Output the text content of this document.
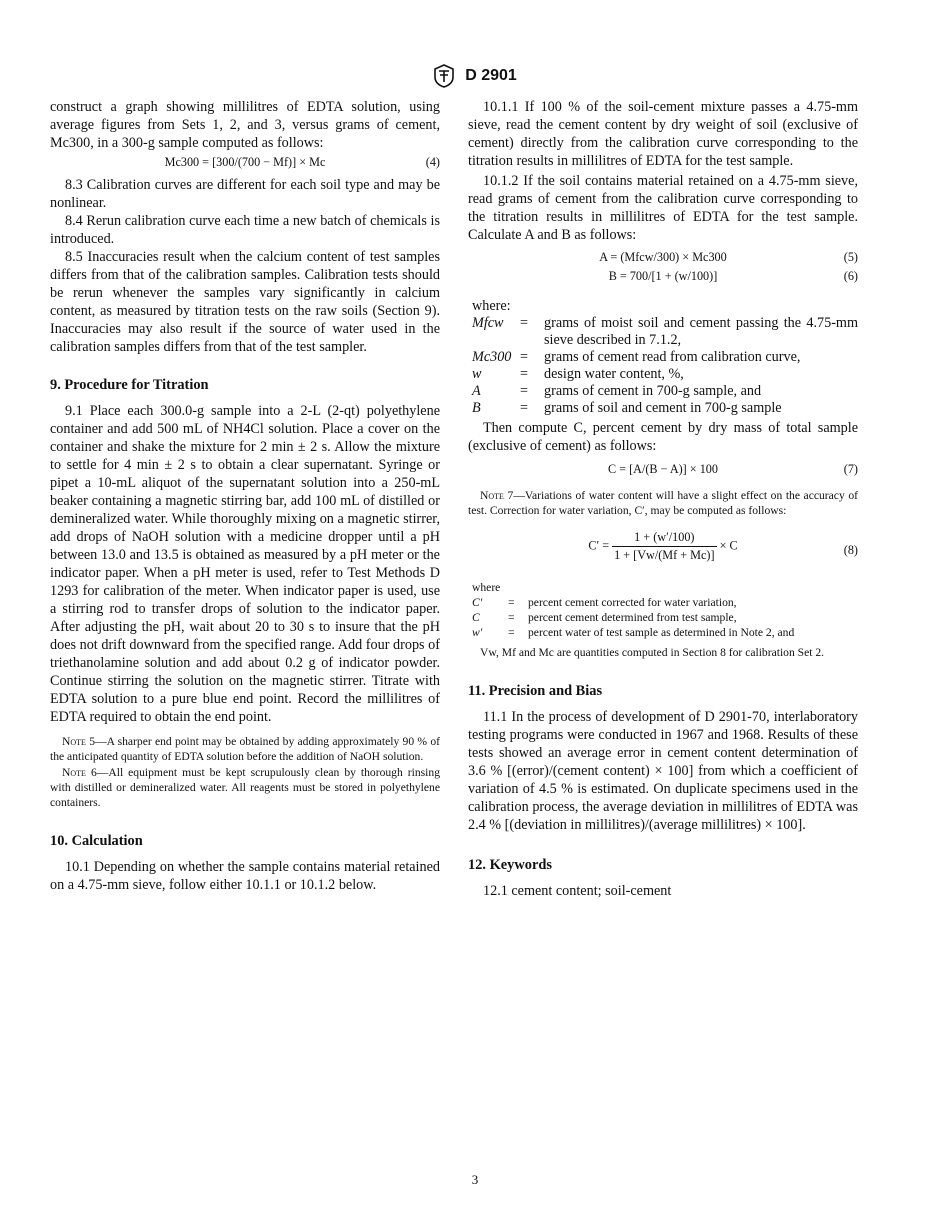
D 2901

construct a graph showing millilitres of EDTA solution, using average figures from Sets 1, 2, and 3, versus grams of cement, Mc300, in a 300-g sample computed as follows:

Mc300 = [300/(700 − Mf)] × Mc	(4)

8.3 Calibration curves are different for each soil type and may be nonlinear.

8.4 Rerun calibration curve each time a new batch of chemicals is introduced.

8.5 Inaccuracies result when the calcium content of test samples differs from that of the calibration samples. Calibration tests should be rerun whenever the samples vary significantly in calcium content, as measured by titration tests on the raw soils (Section 9). Inaccuracies may also result if the source of water used in the calibration samples differs from that of the test sampler.

9. Procedure for Titration

9.1 Place each 300.0-g sample into a 2-L (2-qt) polyethylene container and add 500 mL of NH4Cl solution. Place a cover on the container and shake the mixture for 2 min ± 2 s. Allow the mixture to settle for 4 min ± 2 s to obtain a clear supernatant. Syringe or pipet a 10-mL aliquot of the supernatant solution into a 250-mL beaker containing a magnetic stirring bar, add 100 mL of distilled or demineralized water. While thoroughly mixing on a magnetic stirrer, add drops of NaOH solution with a medicine dropper until a pH between 13.0 and 13.5 is obtained as measured by a pH meter or the indicator paper. When a pH meter is used, refer to Test Methods D 1293 for calibration of the meter. When indicator paper is used, use a stirring rod to transfer drops of solution to the indicator paper. After adjusting the pH, wait about 20 to 30 s to insure that the pH does not drift downward from the specified range. Add four drops of triethanolamine solution and add about 0.2 g of indicator powder. Continue stirring the solution on the magnetic stirrer. Titrate with EDTA solution to a pure blue end point. Record the millilitres of EDTA required to obtain the end point.

Note 5—A sharper end point may be obtained by adding approximately 90 % of the anticipated quantity of EDTA solution before the addition of NaOH solution.

Note 6—All equipment must be kept scrupulously clean by thorough rinsing with distilled or demineralized water. All reagents must be stored in polyethylene containers.

10. Calculation

10.1 Depending on whether the sample contains material retained on a 4.75-mm sieve, follow either 10.1.1 or 10.1.2 below.

10.1.1 If 100 % of the soil-cement mixture passes a 4.75-mm sieve, read the cement content by dry weight of soil (exclusive of cement) directly from the calibration curve corresponding to the titration results in millilitres of EDTA for the test sample.

10.1.2 If the soil contains material retained on a 4.75-mm sieve, read grams of cement from the calibration curve corresponding to the titration results in millilitres of EDTA for the test sample. Calculate A and B as follows:

A = (Mfcw/300) × Mc300	(5)
B = 700/[1 + (w/100)]	(6)

where:

Mfcw	=	grams of moist soil and cement passing the 4.75-mm sieve described in 7.1.2,
Mc300	=	grams of cement read from calibration curve,
w	=	design water content, %,
A	=	grams of cement in 700-g sample, and
B	=	grams of soil and cement in 700-g sample

Then compute C, percent cement by dry mass of total sample (exclusive of cement) as follows:

C = [A/(B − A)] × 100	(7)

Note 7—Variations of water content will have a slight effect on the accuracy of test. Correction for water variation, C′, may be computed as follows:

$C' = \frac{1 + (w'/100)}{1 + [Vw/(Mf + Mc)]} \times C$	(8)

where

C′	=	percent cement corrected for water variation,
C	=	percent cement determined from test sample,
w′	=	percent water of test sample as determined in Note 2, and

Vw, Mf and Mc are quantities computed in Section 8 for calibration Set 2.

11. Precision and Bias

11.1 In the process of development of D 2901-70, interlaboratory testing programs were conducted in 1967 and 1968. Results of these tests showed an average error in cement content determination of 3.6 % [(error)/(cement content) × 100] from which a coefficient of variation of 4.5 % is estimated. On duplicate specimens used in the calibration process, the average deviation in millilitres of EDTA was 2.4 % [(deviation in millilitres)/(average millilitres) × 100].

12. Keywords

12.1 cement content; soil-cement

3
